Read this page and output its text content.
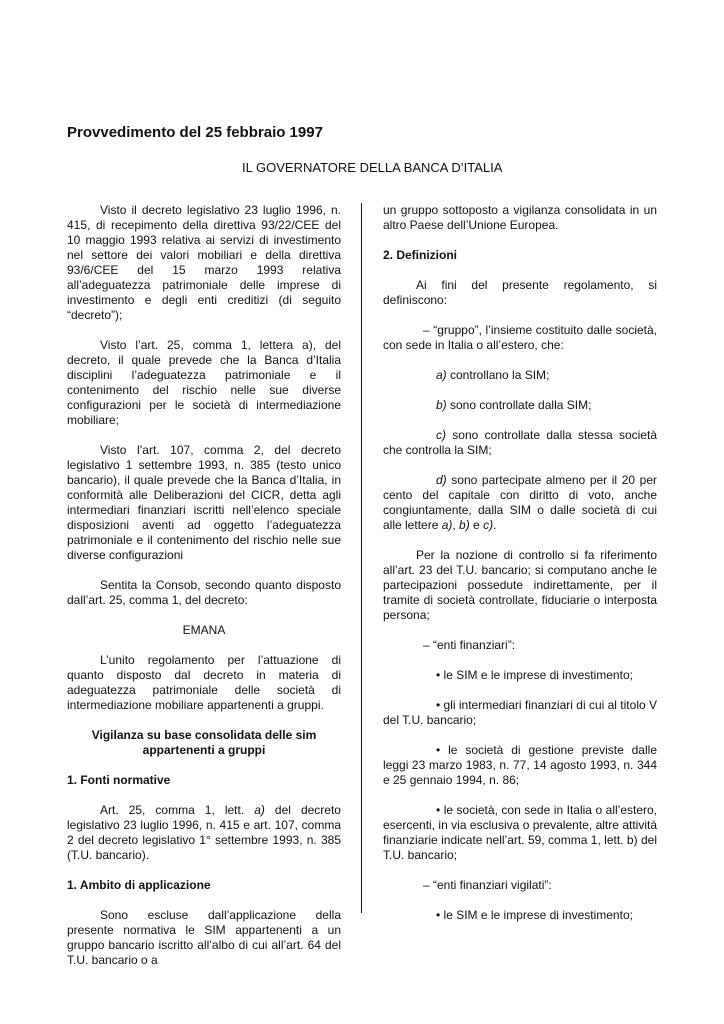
Provvedimento del 25 febbraio 1997
IL GOVERNATORE DELLA BANCA D’ITALIA

Visto il decreto legislativo 23 luglio 1996, n. 415, di recepimento della direttiva 93/22/CEE del 10 maggio 1993 relativa ai servizi di investimento nel settore dei valori mobiliari e della direttiva 93/6/CEE del 15 marzo 1993 relativa all’adeguatezza patrimoniale delle imprese di investimento e degli enti creditizi (di seguito “decreto”);

Visto l’art. 25, comma 1, lettera a), del decreto, il quale prevede che la Banca d’Italia disciplini l’adeguatezza patrimoniale e il contenimento del rischio nelle sue diverse configurazioni per le società di intermediazione mobiliare;

Visto l’art. 107, comma 2, del decreto legislativo 1 settembre 1993, n. 385 (testo unico bancario), il quale prevede che la Banca d’Italia, in conformità alle Deliberazioni del CICR, detta agli intermediari finanziari iscritti nell’elenco speciale disposizioni aventi ad oggetto l’adeguatezza patrimoniale e il contenimento del rischio nelle sue diverse configurazioni

Sentita la Consob, secondo quanto disposto dall’art. 25, comma 1, del decreto:

EMANA

L’unito regolamento per l’attuazione di quanto disposto dal decreto in materia di adeguatezza patrimoniale delle società di intermediazione mobiliare appartenenti a gruppi.

Vigilanza su base consolidata delle sim appartenenti a gruppi

1. Fonti normative

Art. 25, comma 1, lett. a) del decreto legislativo 23 luglio 1996, n. 415 e art. 107, comma 2 del decreto legislativo 1° settembre 1993, n. 385 (T.U. bancario).

1. Ambito di applicazione

Sono escluse dall’applicazione della presente normativa le SIM appartenenti a un gruppo bancario iscritto all’albo di cui all’art. 64 del T.U. bancario o a

un gruppo sottoposto a vigilanza consolidata in un altro Paese dell’Unione Europea.

2. Definizioni

Ai fini del presente regolamento, si definiscono:

– “gruppo”, l’insieme costituito dalle società, con sede in Italia o all’estero, che:

a) controllano la SIM;

b) sono controllate dalla SIM;

c) sono controllate dalla stessa società che controlla la SIM;

d) sono partecipate almeno per il 20 per cento del capitale con diritto di voto, anche congiuntamente, dalla SIM o dalle società di cui alle lettere a), b) e c).

Per la nozione di controllo si fa riferimento all’art. 23 del T.U. bancario; si computano anche le partecipazioni possedute indirettamente, per il tramite di società controllate, fiduciarie o interposta persona;

– “enti finanziari”:

• le SIM e le imprese di investimento;

• gli intermediari finanziari di cui al titolo V del T.U. bancario;

• le società di gestione previste dalle leggi 23 marzo 1983, n. 77, 14 agosto 1993, n. 344 e 25 gennaio 1994, n. 86;

• le società, con sede in Italia o all’estero, esercenti, in via esclusiva o prevalente, altre attività finanziarie indicate nell’art. 59, comma 1, lett. b) del T.U. bancario;

– “enti finanziari vigilati”:

• le SIM e le imprese di investimento;
